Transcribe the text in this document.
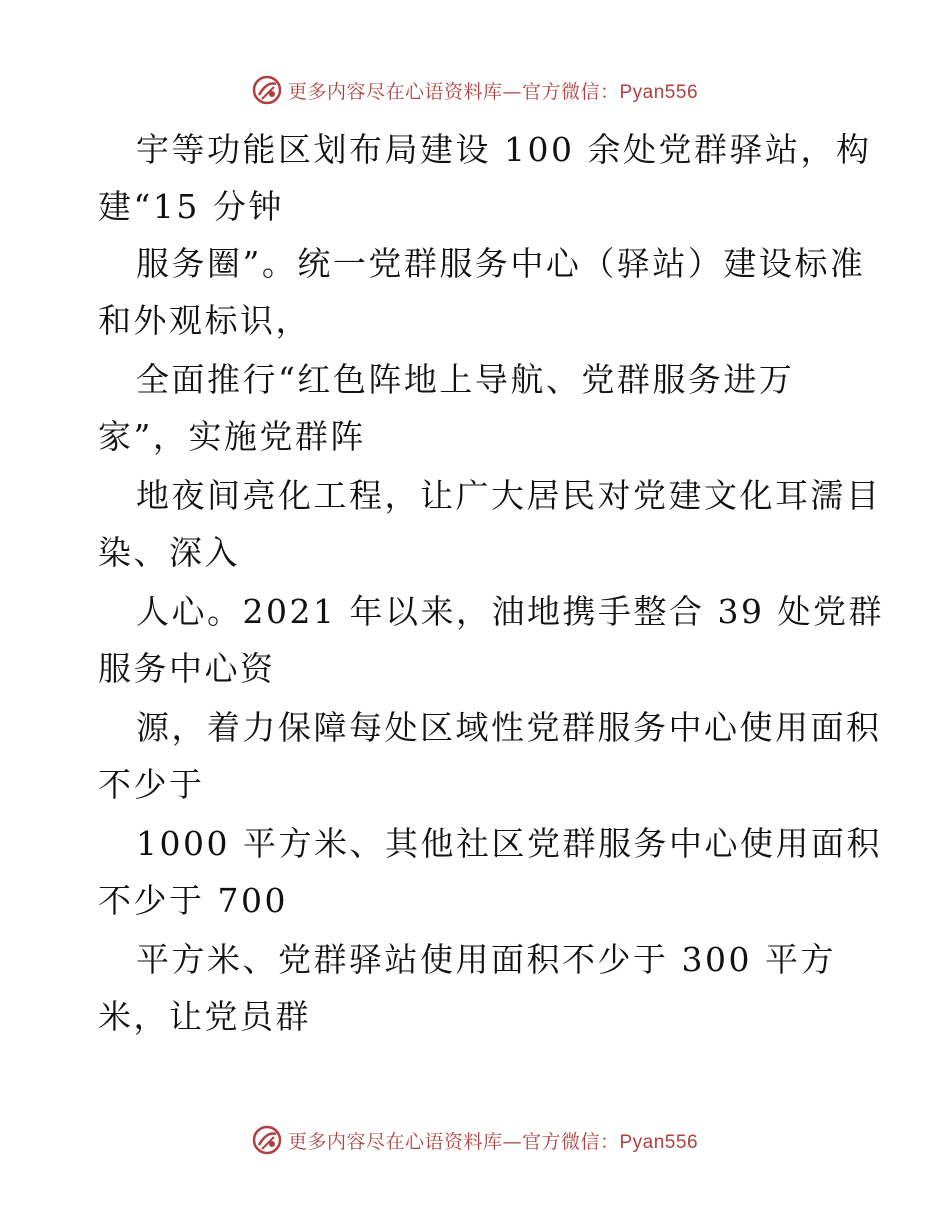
更多内容尽在心语资料库—官方微信：Pyan556
宇等功能区划布局建设 100 余处党群驿站，构
建“15 分钟
服务圈”。统一党群服务中心（驿站）建设标准
和外观标识，
全面推行“红色阵地上导航、党群服务进万
家”，实施党群阵
地夜间亮化工程，让广大居民对党建文化耳濡目
染、深入
人心。2021 年以来，油地携手整合 39 处党群
服务中心资
源，着力保障每处区域性党群服务中心使用面积
不少于
1000 平方米、其他社区党群服务中心使用面积
不少于 700
平方米、党群驿站使用面积不少于 300 平方
米，让党员群
更多内容尽在心语资料库—官方微信：Pyan556
